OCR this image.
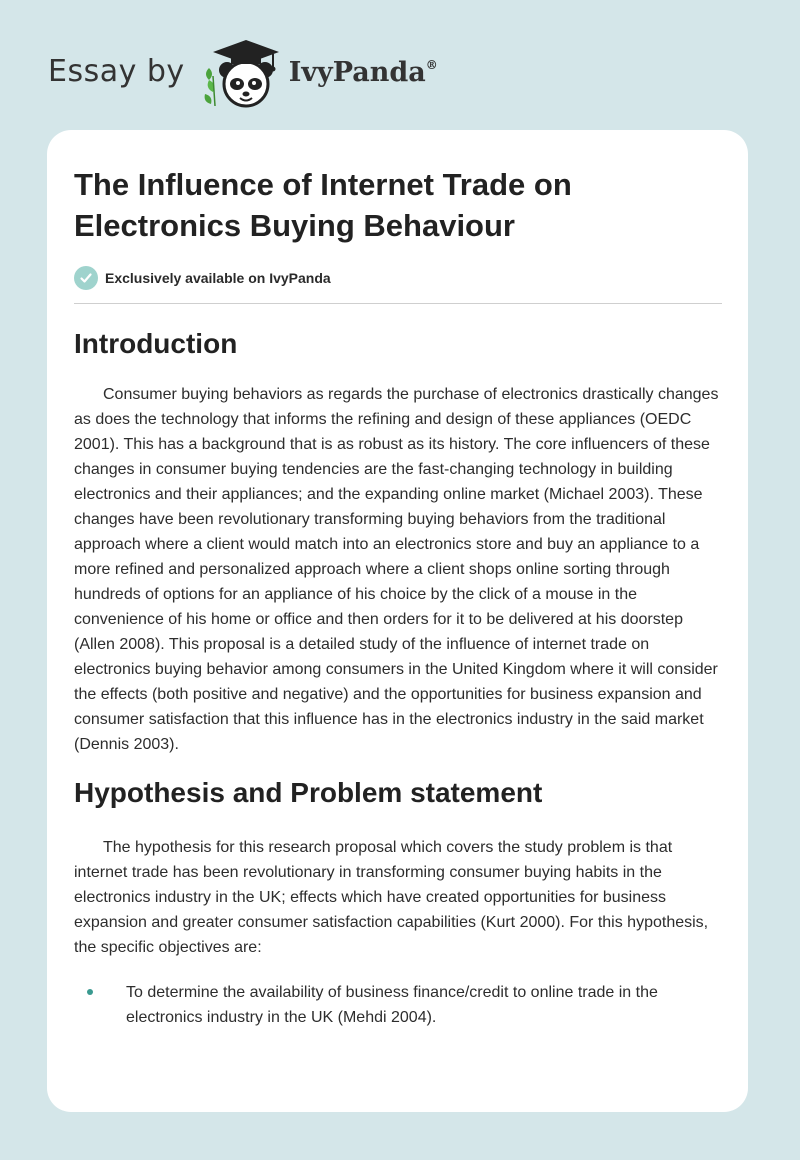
Essay by	IvyPanda®
The Influence of Internet Trade on Electronics Buying Behaviour
Exclusively available on IvyPanda
Introduction

Consumer buying behaviors as regards the purchase of electronics drastically changes as does the technology that informs the refining and design of these appliances (OEDC 2001). This has a background that is as robust as its history. The core influencers of these changes in consumer buying tendencies are the fast-changing technology in building electronics and their appliances; and the expanding online market (Michael 2003). These changes have been revolutionary transforming buying behaviors from the traditional approach where a client would match into an electronics store and buy an appliance to a more refined and personalized approach where a client shops online sorting through hundreds of options for an appliance of his choice by the click of a mouse in the convenience of his home or office and then orders for it to be delivered at his doorstep (Allen 2008). This proposal is a detailed study of the influence of internet trade on electronics buying behavior among consumers in the United Kingdom where it will consider the effects (both positive and negative) and the opportunities for business expansion and consumer satisfaction that this influence has in the electronics industry in the said market (Dennis 2003).

Hypothesis and Problem statement

The hypothesis for this research proposal which covers the study problem is that internet trade has been revolutionary in transforming consumer buying habits in the electronics industry in the UK; effects which have created opportunities for business expansion and greater consumer satisfaction capabilities (Kurt 2000). For this hypothesis, the specific objectives are:

To determine the availability of business finance/credit to online trade in the electronics industry in the UK (Mehdi 2004).
